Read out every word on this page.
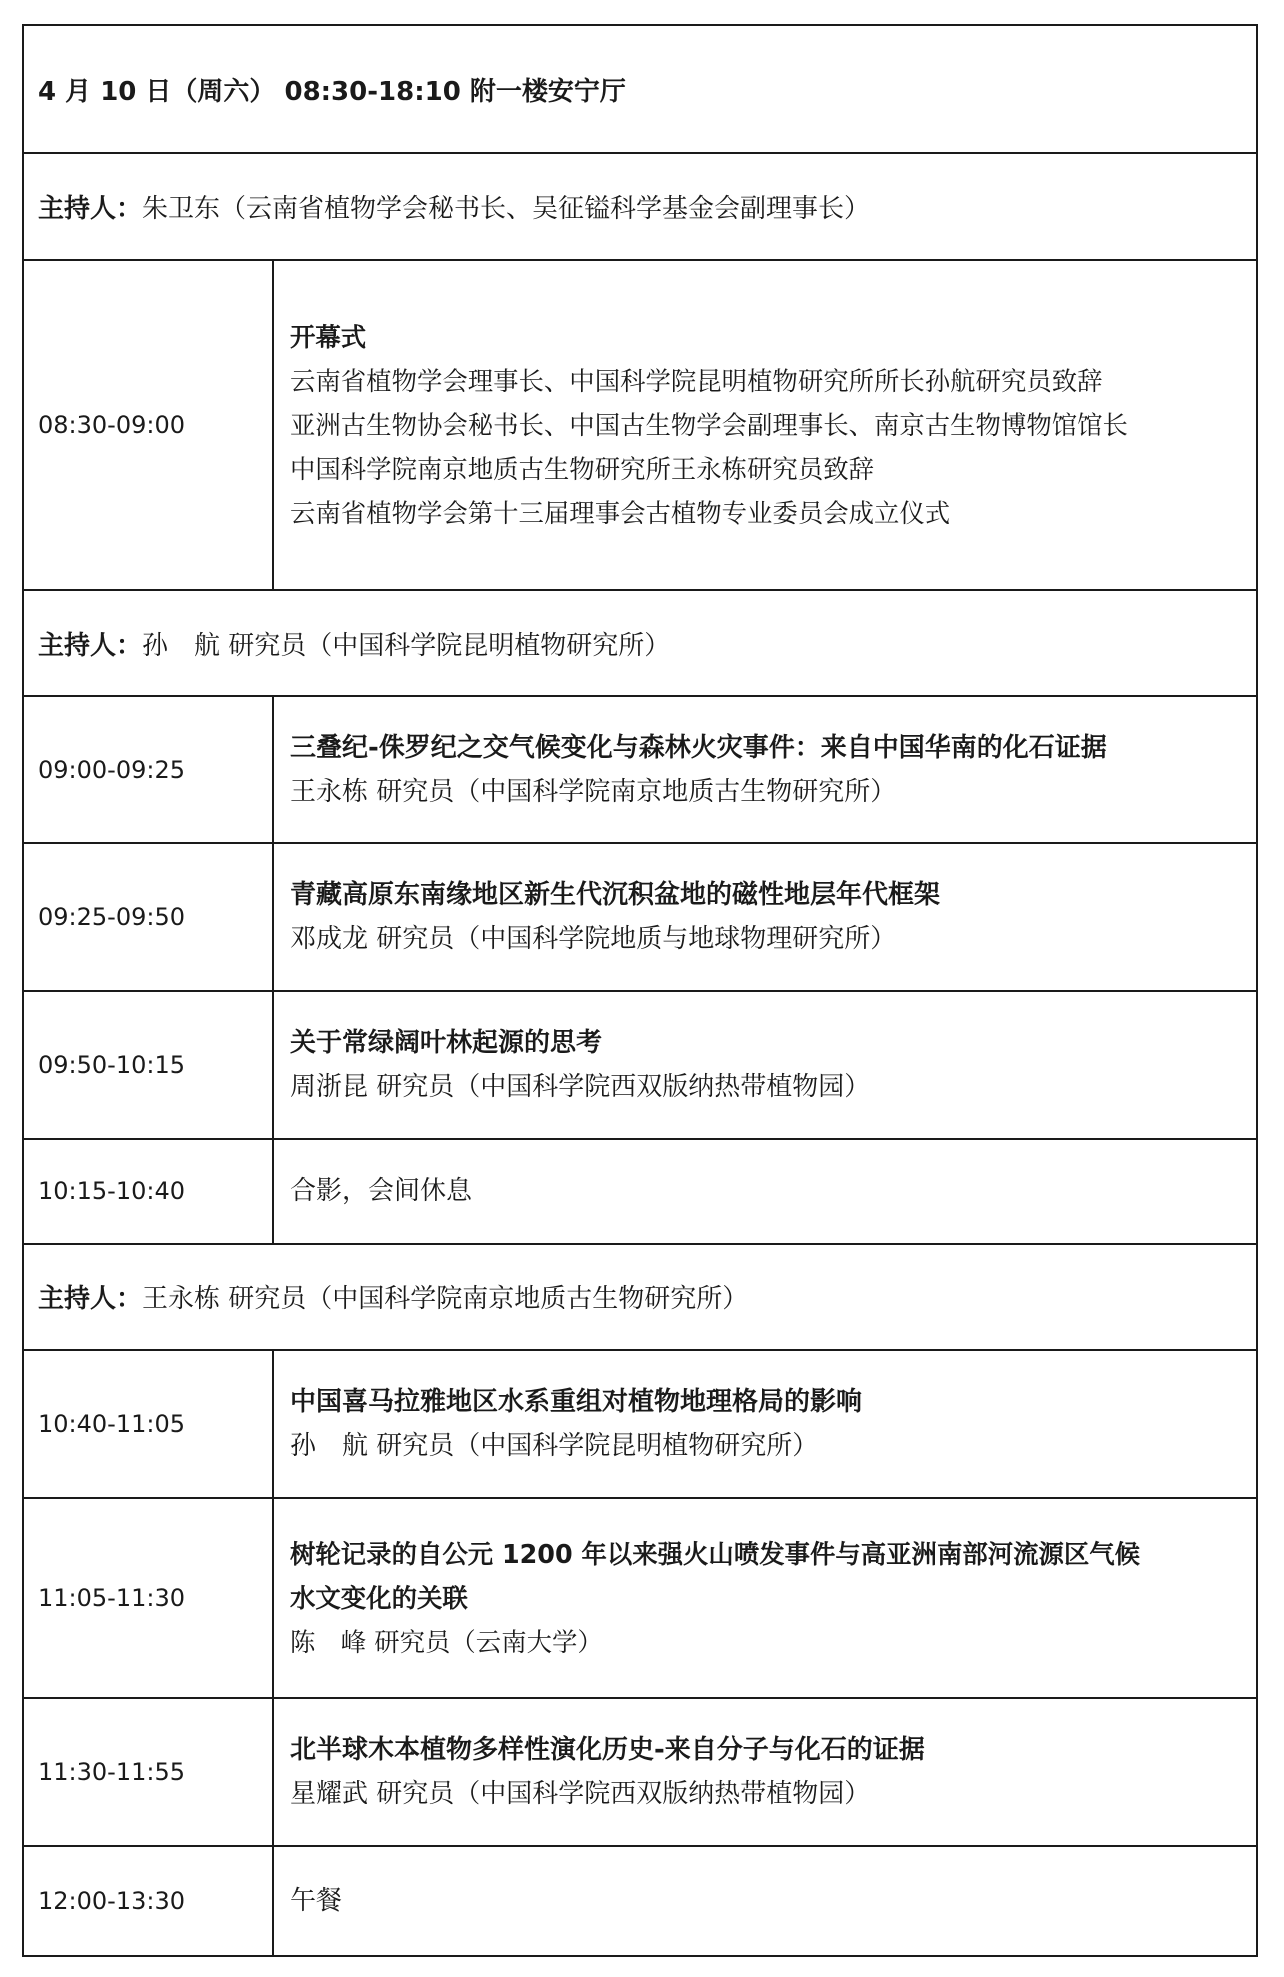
4 月 10 日（周六） 08:30-18:10 附一楼安宁厅
主持人： 朱卫东（云南省植物学会秘书长、吴征镒科学基金会副理事长）
08:30-09:00
开幕式
云南省植物学会理事长、中国科学院昆明植物研究所所长孙航研究员致辞
亚洲古生物协会秘书长、中国古生物学会副理事长、南京古生物博物馆馆长
中国科学院南京地质古生物研究所王永栋研究员致辞
云南省植物学会第十三届理事会古植物专业委员会成立仪式
主持人： 孙　航 研究员（中国科学院昆明植物研究所）
09:00-09:25
三叠纪-侏罗纪之交气候变化与森林火灾事件：来自中国华南的化石证据
王永栋 研究员（中国科学院南京地质古生物研究所）
09:25-09:50
青藏高原东南缘地区新生代沉积盆地的磁性地层年代框架
邓成龙 研究员（中国科学院地质与地球物理研究所）
09:50-10:15
关于常绿阔叶林起源的思考
周浙昆 研究员（中国科学院西双版纳热带植物园）
10:15-10:40	合影，会间休息
主持人： 王永栋 研究员（中国科学院南京地质古生物研究所）
10:40-11:05
中国喜马拉雅地区水系重组对植物地理格局的影响
孙　航 研究员（中国科学院昆明植物研究所）
11:05-11:30
树轮记录的自公元 1200 年以来强火山喷发事件与高亚洲南部河流源区气候
水文变化的关联
陈　峰 研究员（云南大学）
11:30-11:55
北半球木本植物多样性演化历史-来自分子与化石的证据
星耀武 研究员（中国科学院西双版纳热带植物园）
12:00-13:30	午餐
